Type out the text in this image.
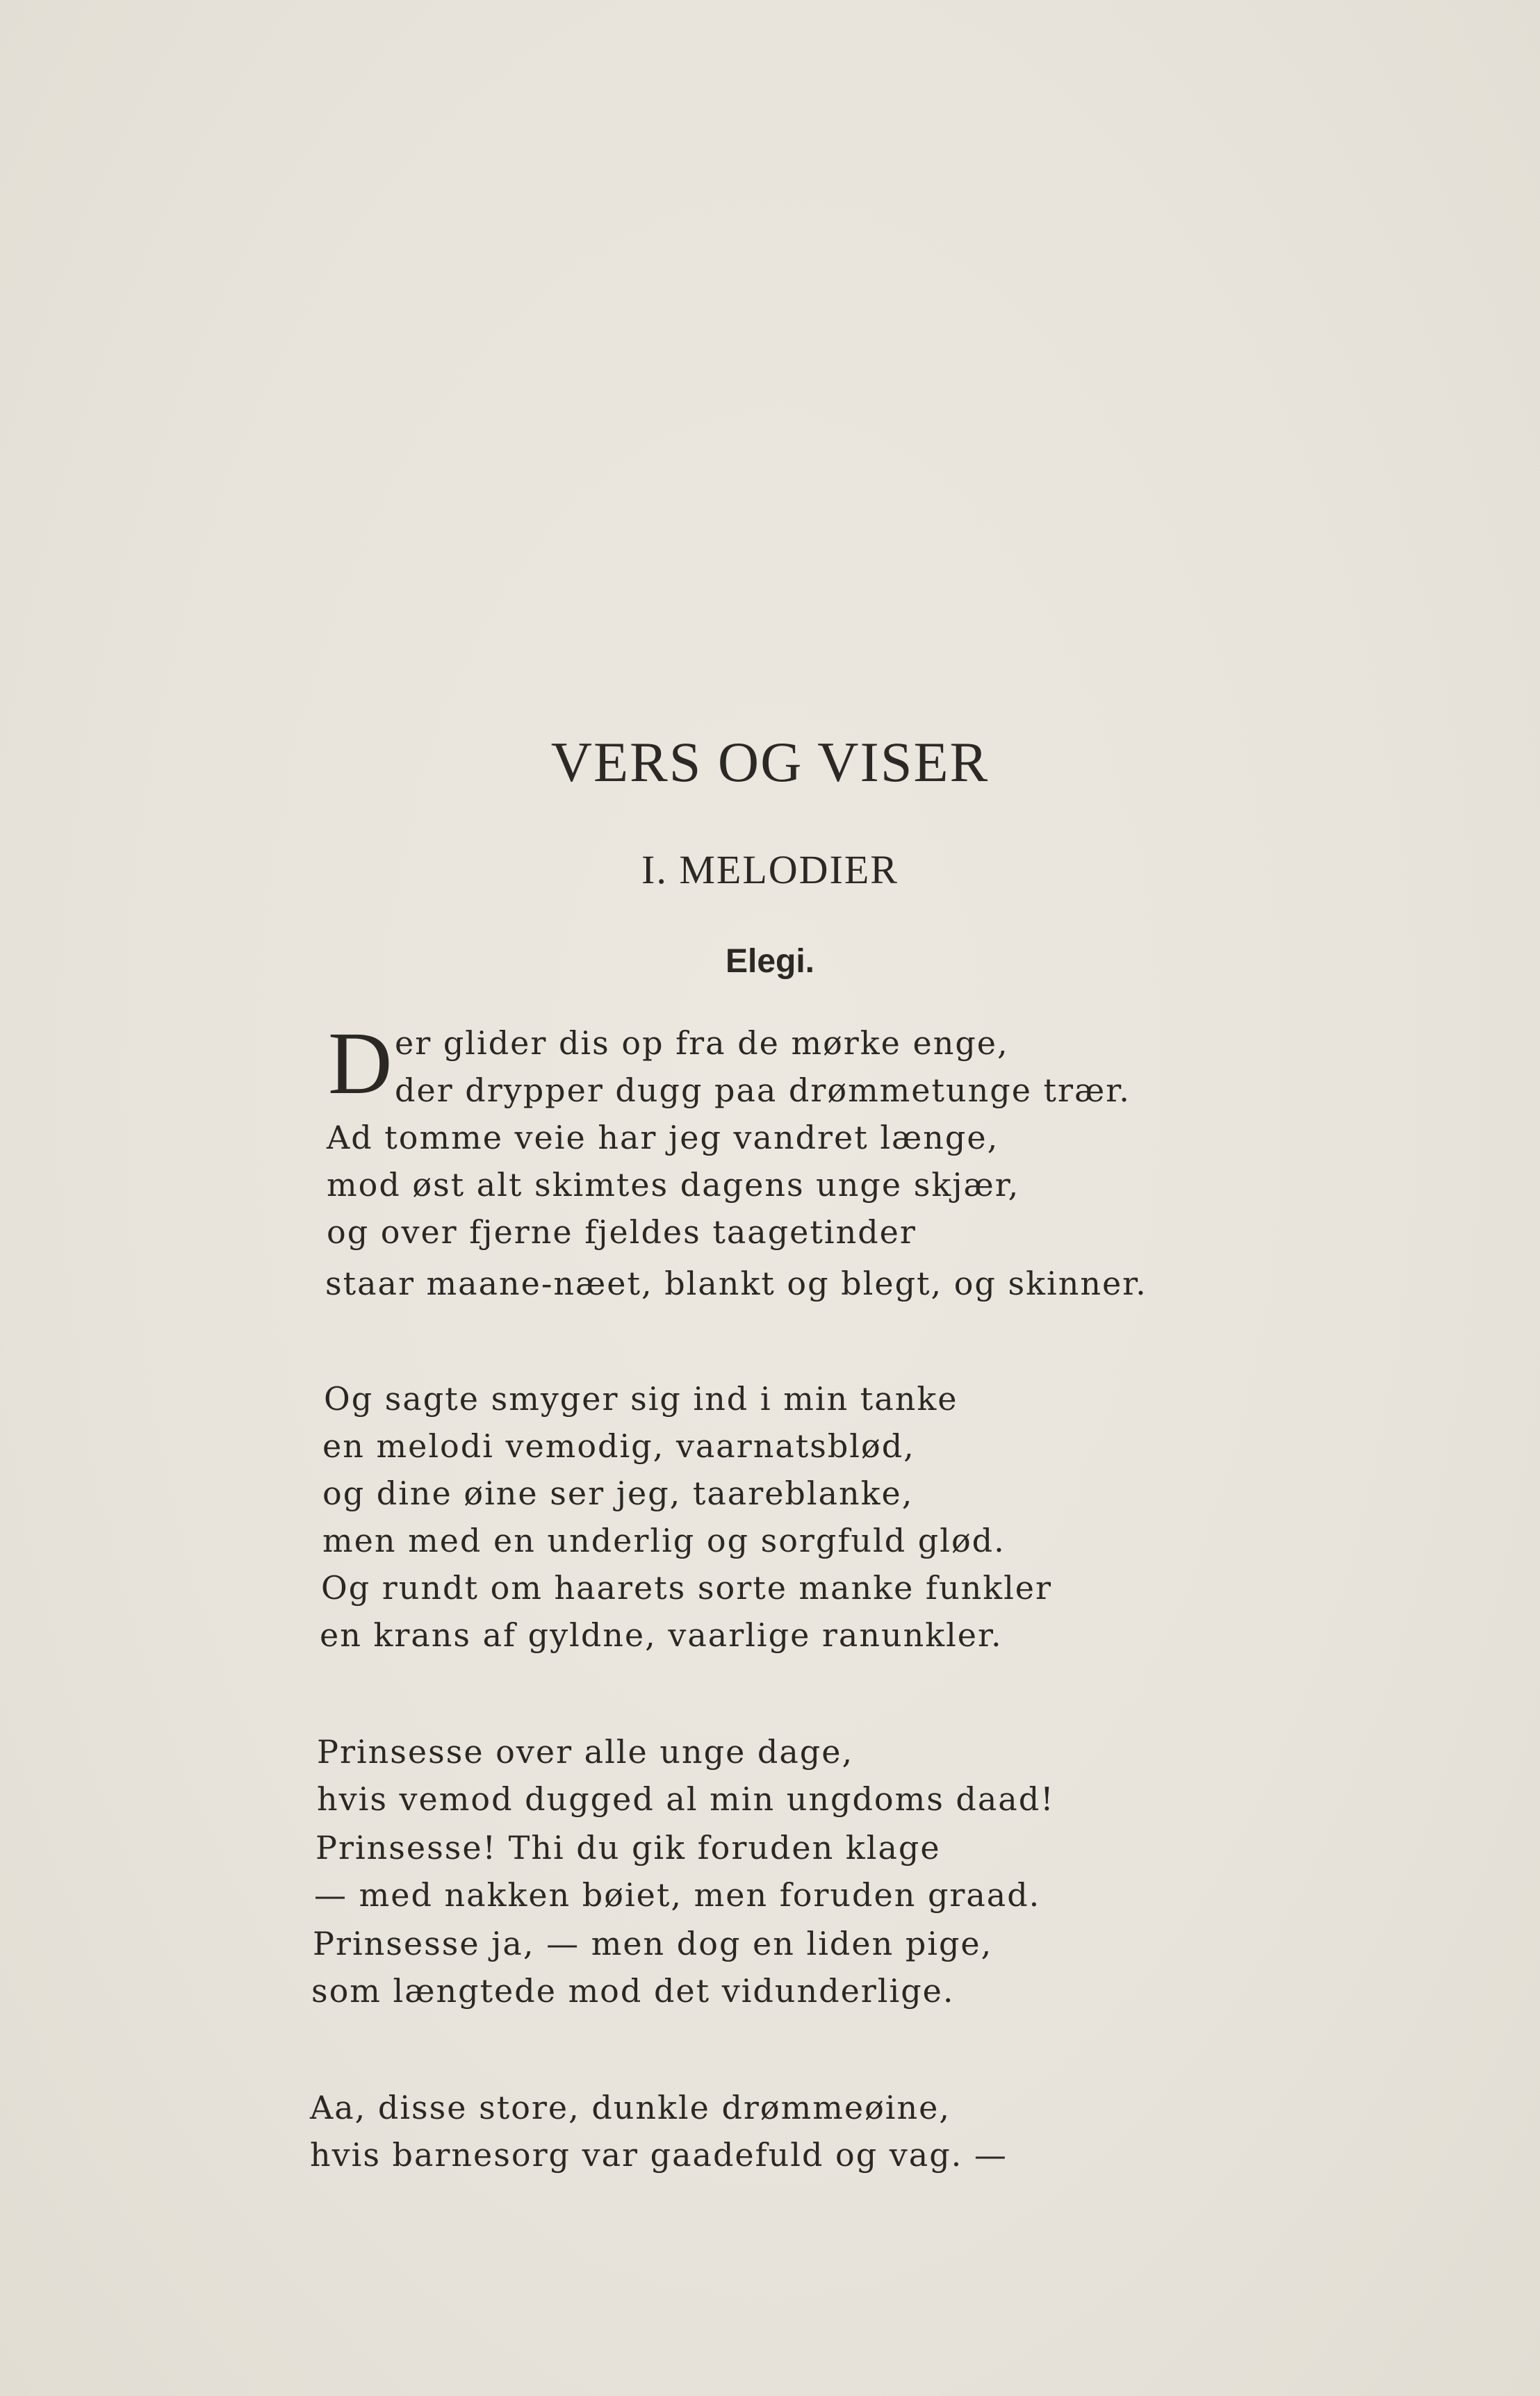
VERS OG VISER
I. MELODIER
Elegi.
D er glider dis op fra de mørke enge,
der drypper dugg paa drømmetunge trær.
Ad tomme veie har jeg vandret længe,
mod øst alt skimtes dagens unge skjær,
og over fjerne fjeldes taagetinder
staar maane-næet, blankt og blegt, og skinner.
Og sagte smyger sig ind i min tanke
en melodi vemodig, vaarnatsblød,
og dine øine ser jeg, taareblanke,
men med en underlig og sorgfuld glød.
Og rundt om haarets sorte manke funkler
en krans af gyldne, vaarlige ranunkler.
Prinsesse over alle unge dage,
hvis vemod dugged al min ungdoms daad!
Prinsesse! Thi du gik foruden klage
— med nakken bøiet, men foruden graad.
Prinsesse ja, — men dog en liden pige,
som længtede mod det vidunderlige.
Aa, disse store, dunkle drømmeøine,
hvis barnesorg var gaadefuld og vag. —
